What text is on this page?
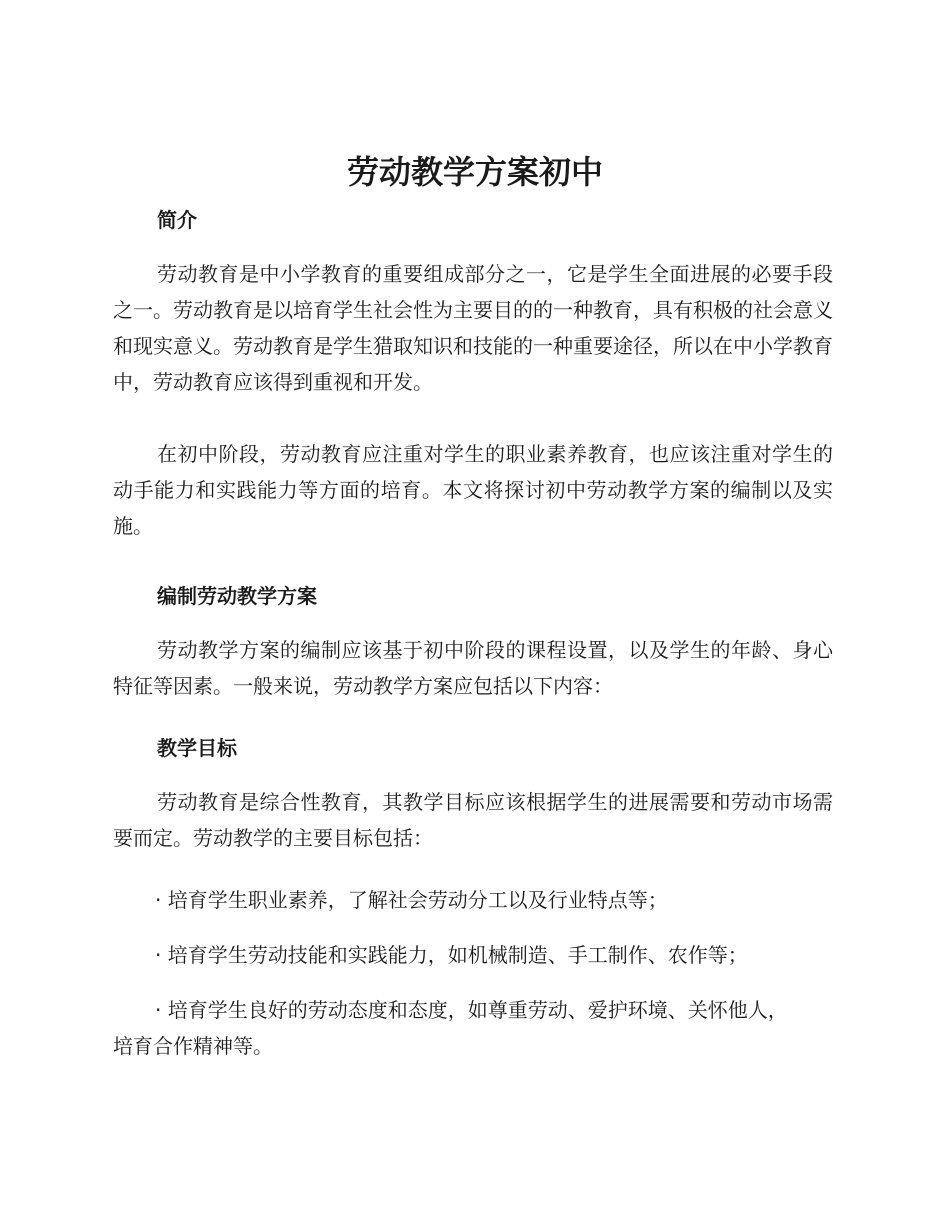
劳动教学方案初中
简介

劳动教育是中小学教育的重要组成部分之一，它是学生全面进展的必要手段之一。劳动教育是以培育学生社会性为主要目的的一种教育，具有积极的社会意义和现实意义。劳动教育是学生猎取知识和技能的一种重要途径，所以在中小学教育中，劳动教育应该得到重视和开发。

在初中阶段，劳动教育应注重对学生的职业素养教育，也应该注重对学生的动手能力和实践能力等方面的培育。本文将探讨初中劳动教学方案的编制以及实施。

编制劳动教学方案

劳动教学方案的编制应该基于初中阶段的课程设置，以及学生的年龄、身心特征等因素。一般来说，劳动教学方案应包括以下内容：

教学目标

劳动教育是综合性教育，其教学目标应该根据学生的进展需要和劳动市场需要而定。劳动教学的主要目标包括：

· 培育学生职业素养，了解社会劳动分工以及行业特点等；

· 培育学生劳动技能和实践能力，如机械制造、手工制作、农作等；

· 培育学生良好的劳动态度和态度，如尊重劳动、爱护环境、关怀他人，培育合作精神等。
